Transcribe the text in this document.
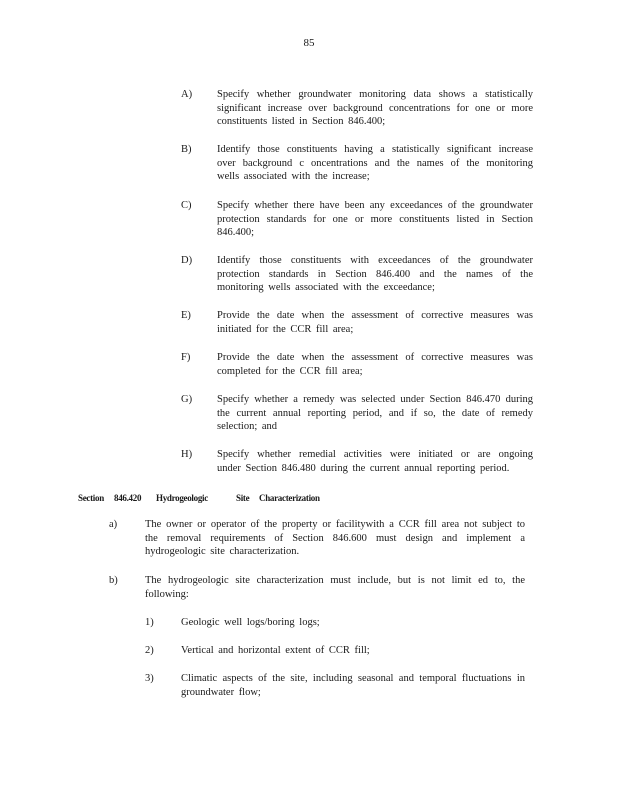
85
A) Specify whether groundwater monitoring data shows a statistically significant increase over background concentrations for one or more constituents listed in Section 846.400;
B) Identify those constituents having a statistically significant increase over background c oncentrations and the names of the monitoring wells associated with the increase;
C) Specify whether there have been any exceedances of the groundwater protection standards for one or more constituents listed in Section 846.400;
D) Identify those constituents with exceedances of the groundwater protection standards in Section 846.400 and the names of the monitoring wells associated with the exceedance;
E) Provide the date when the assessment of corrective measures was initiated for the CCR fill area;
F)	Provide the date when the assessment of corrective measures was completed for the CCR fill area;
G) Specify whether a remedy was selected under Section 846.470 during the current annual reporting period, and if so, the date of remedy selection; and
H) Specify whether remedial activities were initiated or are ongoing under Section 846.480 during the current annual reporting period.
Section 846.420 Hydrogeologic	Site Characterization
a)	The owner or operator of the property or facilitywith a CCR fill area not subject to the removal requirements of Section 846.600 must design and implement a hydrogeologic site characterization.
b)	The hydrogeologic site characterization must include, but is not limit ed to, the following:
1)	Geologic well logs/boring logs;
2)	Vertical and horizontal extent of CCR fill;
3)	Climatic aspects of the site, including seasonal and temporal fluctuations in groundwater flow;
